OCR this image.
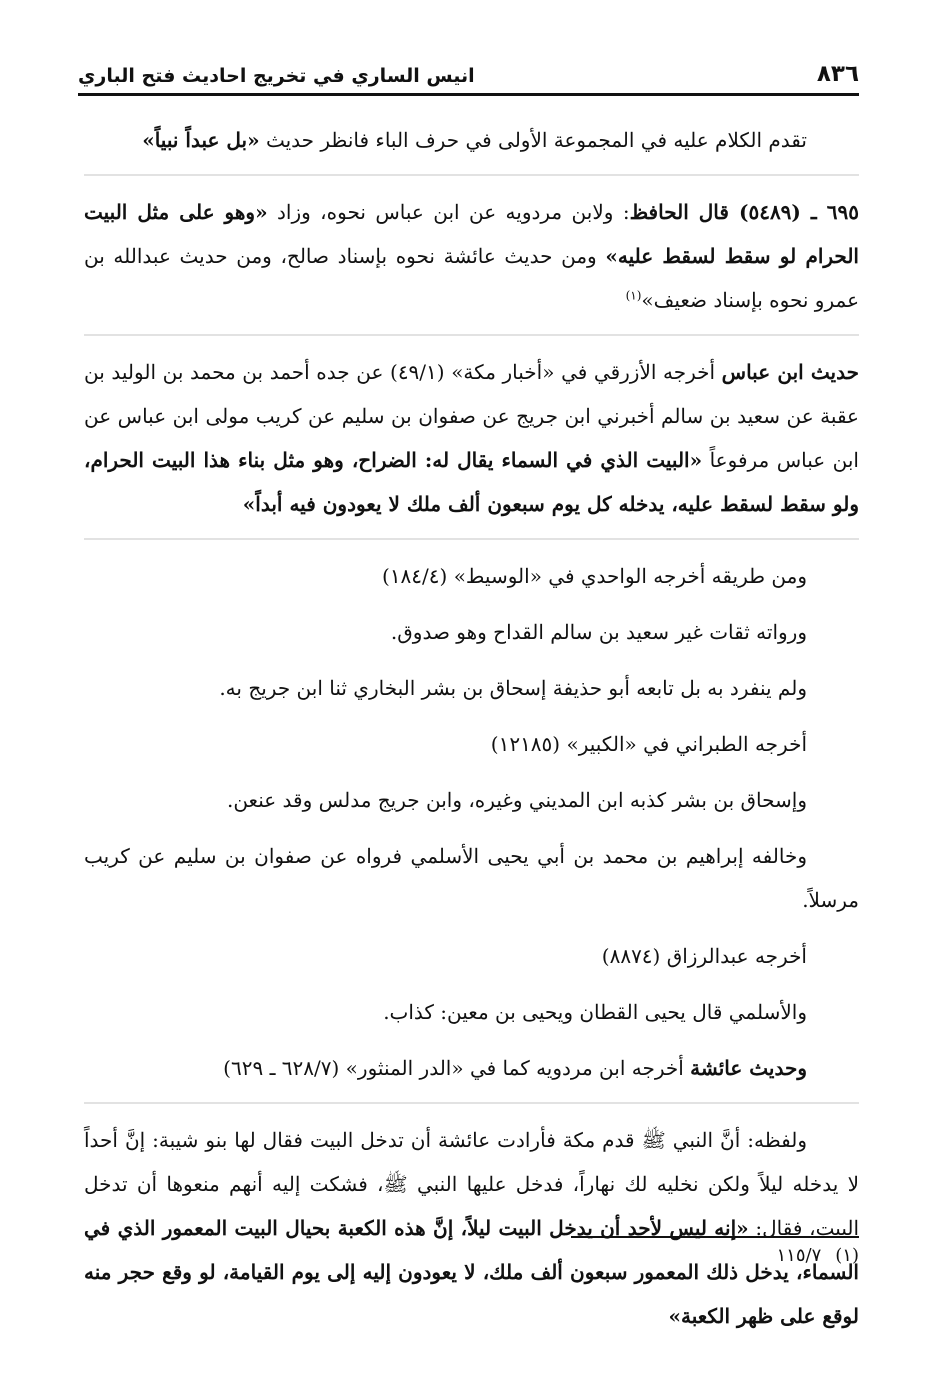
٨٣٦
انيس الساري في تخريج احاديث فتح الباري

تقدم الكلام عليه في المجموعة الأولى في حرف الباء فانظر حديث «بل عبداً نبياً»

٦٩٥ ـ (٥٤٨٩) قال الحافظ: ولابن مردويه عن ابن عباس نحوه، وزاد «وهو على مثل البيت الحرام لو سقط لسقط عليه» ومن حديث عائشة نحوه بإسناد صالح، ومن حديث عبدالله بن عمرو نحوه بإسناد ضعيف»$^{(١)}$

حديث ابن عباس أخرجه الأزرقي في «أخبار مكة» (٤٩/١) عن جده أحمد بن محمد بن الوليد بن عقبة عن سعيد بن سالم أخبرني ابن جريج عن صفوان بن سليم عن كريب مولى ابن عباس عن ابن عباس مرفوعاً «البيت الذي في السماء يقال له: الضراح، وهو مثل بناء هذا البيت الحرام، ولو سقط لسقط عليه، يدخله كل يوم سبعون ألف ملك لا يعودون فيه أبداً»

ومن طريقه أخرجه الواحدي في «الوسيط» (١٨٤/٤)

ورواته ثقات غير سعيد بن سالم القداح وهو صدوق.

ولم ينفرد به بل تابعه أبو حذيفة إسحاق بن بشر البخاري ثنا ابن جريج به.

أخرجه الطبراني في «الكبير» (١٢١٨٥)

وإسحاق بن بشر كذبه ابن المديني وغيره، وابن جريج مدلس وقد عنعن.

وخالفه إبراهيم بن محمد بن أبي يحيى الأسلمي فرواه عن صفوان بن سليم عن كريب مرسلاً.

أخرجه عبدالرزاق (٨٨٧٤)

والأسلمي قال يحيى القطان ويحيى بن معين: كذاب.

وحديث عائشة أخرجه ابن مردويه كما في «الدر المنثور» (٦٢٨/٧ ـ ٦٢٩)

ولفظه: أنَّ النبي ﷺ قدم مكة فأرادت عائشة أن تدخل البيت فقال لها بنو شيبة: إنَّ أحداً لا يدخله ليلاً ولكن نخليه لك نهاراً، فدخل عليها النبي ﷺ، فشكت إليه أنهم منعوها أن تدخل البيت، فقال: «إنه ليس لأحد أن يدخل البيت ليلاً، إنَّ هذه الكعبة بحيال البيت المعمور الذي في السماء، يدخل ذلك المعمور سبعون ألف ملك، لا يعودون إليه إلى يوم القيامة، لو وقع حجر منه لوقع على ظهر الكعبة»

(١)١١٥/٧
